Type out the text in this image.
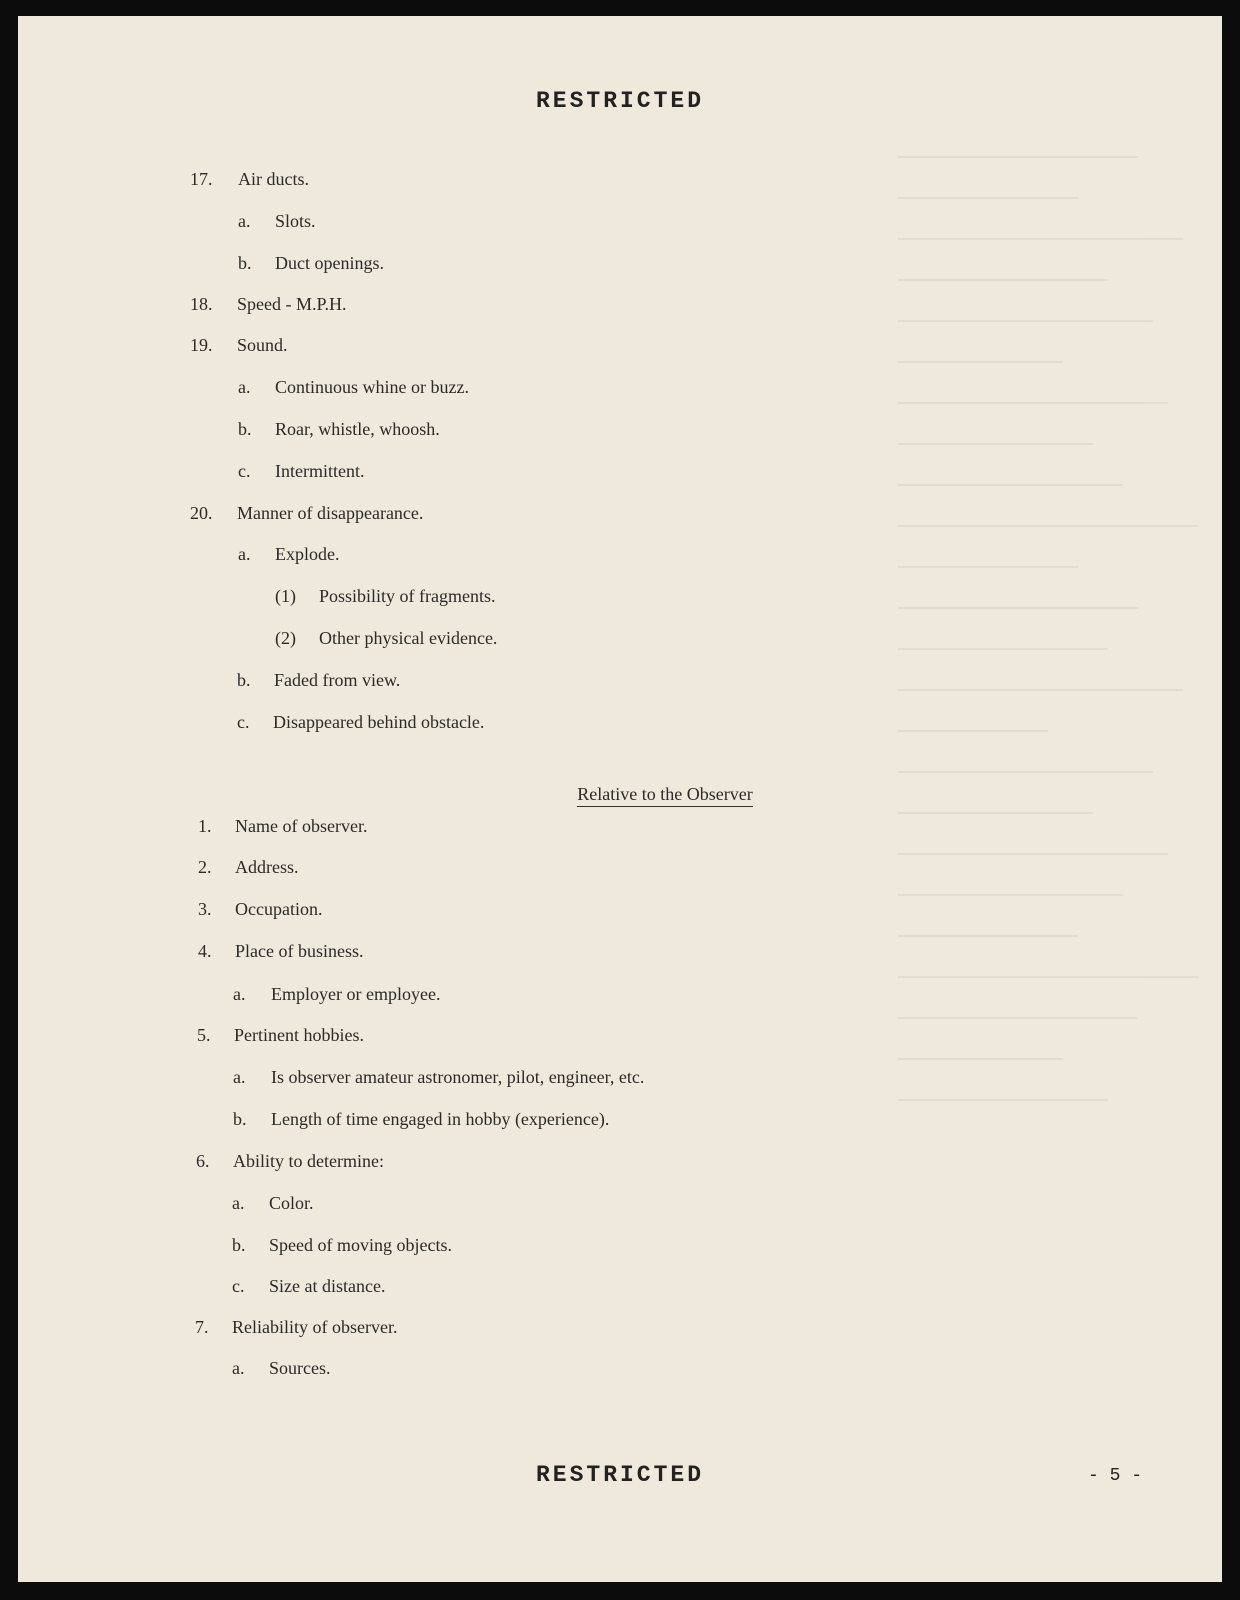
RESTRICTED
17. Air ducts.
a. Slots.
b. Duct openings.
18. Speed - M.P.H.
19. Sound.
a. Continuous whine or buzz.
b. Roar, whistle, whoosh.
c. Intermittent.
20. Manner of disappearance.
a. Explode.
(1) Possibility of fragments.
(2) Other physical evidence.
b. Faded from view.
c. Disappeared behind obstacle.
Relative to the Observer
1. Name of observer.
2. Address.
3. Occupation.
4. Place of business.
a. Employer or employee.
5. Pertinent hobbies.
a. Is observer amateur astronomer, pilot, engineer, etc.
b. Length of time engaged in hobby (experience).
6. Ability to determine:
a. Color.
b. Speed of moving objects.
c. Size at distance.
7. Reliability of observer.
a. Sources.
RESTRICTED	- 5 -
